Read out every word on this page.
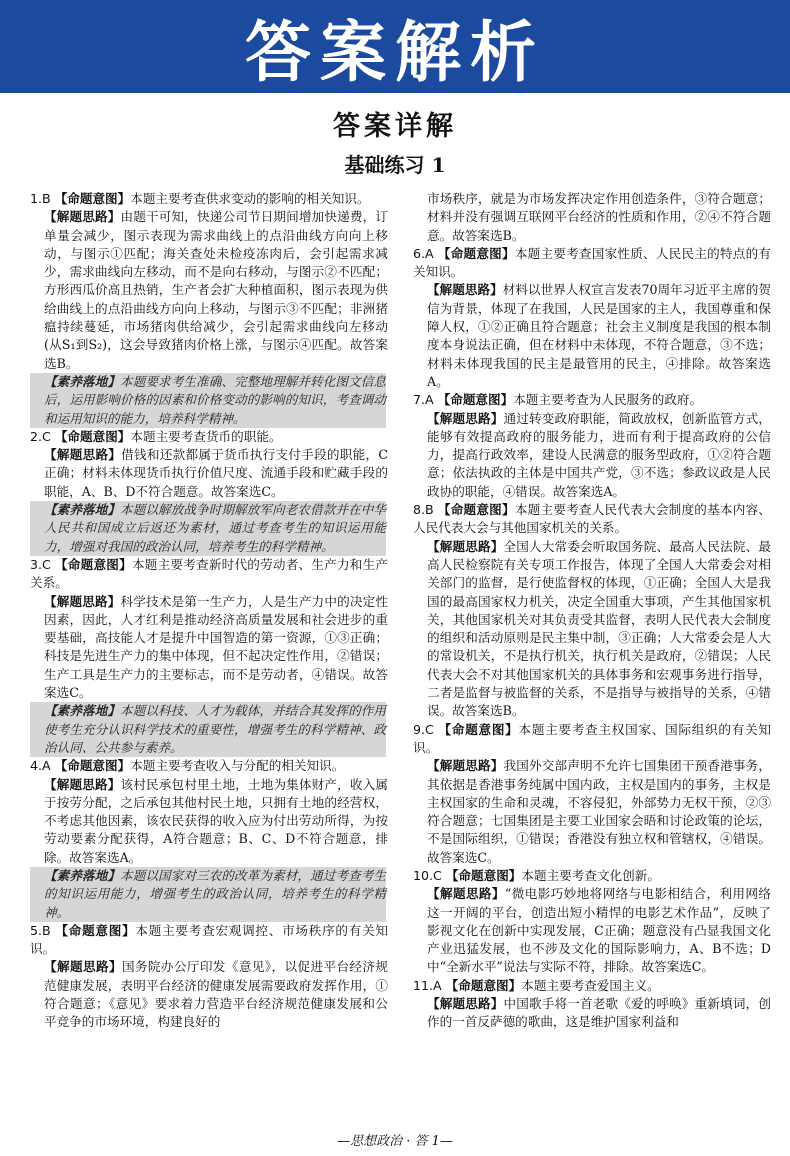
答案解析
答案详解
基础练习 1
1.B 【命题意图】本题主要考查供求变动的影响的相关知识。
【解题思路】由题干可知，快递公司节日期间增加快递费，订单量会减少，图示表现为需求曲线上的点沿曲线方向向上移动，与图示①匹配；海关查处未检疫冻肉后，会引起需求减少，需求曲线向左移动，而不是向右移动，与图示②不匹配；方形西瓜价高且热销，生产者会扩大种植面积，图示表现为供给曲线上的点沿曲线方向向上移动，与图示③不匹配；非洲猪瘟持续蔓延，市场猪肉供给减少，会引起需求曲线向左移动(从S₁到S₂)，这会导致猪肉价格上涨，与图示④匹配。故答案选B。
【素养落地】本题要求考生准确、完整地理解并转化图文信息后，运用影响价格的因素和价格变动的影响的知识，考查调动和运用知识的能力，培养科学精神。
2.C 【命题意图】本题主要考查货币的职能。
【解题思路】借钱和还款都属于货币执行支付手段的职能，C正确；材料未体现货币执行价值尺度、流通手段和贮藏手段的职能，A、B、D不符合题意。故答案选C。
【素养落地】本题以解放战争时期解放军向老农借款并在中华人民共和国成立后返还为素材，通过考查考生的知识运用能力，增强对我国的政治认同，培养考生的科学精神。
3.C 【命题意图】本题主要考查新时代的劳动者、生产力和生产关系。
【解题思路】科学技术是第一生产力，人是生产力中的决定性因素，因此，人才红利是推动经济高质量发展和社会进步的重要基础，高技能人才是提升中国智造的第一资源，①③正确；科技是先进生产力的集中体现，但不起决定性作用，②错误；生产工具是生产力的主要标志，而不是劳动者，④错误。故答案选C。
【素养落地】本题以科技、人才为载体，并结合其发挥的作用使考生充分认识科学技术的重要性，增强考生的科学精神、政治认同、公共参与素养。
4.A 【命题意图】本题主要考查收入与分配的相关知识。
【解题思路】该村民承包村里土地，土地为集体财产，收入属于按劳分配，之后承包其他村民土地，只拥有土地的经营权，不考虑其他因素，该农民获得的收入应为付出劳动所得，为按劳动要素分配获得，A符合题意；B、C、D不符合题意，排除。故答案选A。
【素养落地】本题以国家对三农的改革为素材，通过考查考生的知识运用能力，增强考生的政治认同，培养考生的科学精神。
5.B 【命题意图】本题主要考查宏观调控、市场秩序的有关知识。
【解题思路】国务院办公厅印发《意见》，以促进平台经济规范健康发展，表明平台经济的健康发展需要政府发挥作用，①符合题意；《意见》要求着力营造平台经济规范健康发展和公平竞争的市场环境，构建良好的
市场秩序，就是为市场发挥决定作用创造条件，③符合题意；材料并没有强调互联网平台经济的性质和作用，②④不符合题意。故答案选B。
6.A 【命题意图】本题主要考查国家性质、人民民主的特点的有关知识。
【解题思路】材料以世界人权宣言发表70周年习近平主席的贺信为背景，体现了在我国，人民是国家的主人，我国尊重和保障人权，①②正确且符合题意；社会主义制度是我国的根本制度本身说法正确，但在材料中未体现，不符合题意，③不选；材料未体现我国的民主是最管用的民主，④排除。故答案选A。
7.A 【命题意图】本题主要考查为人民服务的政府。
【解题思路】通过转变政府职能，简政放权，创新监管方式，能够有效提高政府的服务能力，进而有利于提高政府的公信力，提高行政效率，建设人民满意的服务型政府，①②符合题意；依法执政的主体是中国共产党，③不选；参政议政是人民政协的职能，④错误。故答案选A。
8.B 【命题意图】本题主要考查人民代表大会制度的基本内容、人民代表大会与其他国家机关的关系。
【解题思路】全国人大常委会听取国务院、最高人民法院、最高人民检察院有关专项工作报告，体现了全国人大常委会对相关部门的监督，是行使监督权的体现，①正确；全国人大是我国的最高国家权力机关，决定全国重大事项，产生其他国家机关，其他国家机关对其负责受其监督，表明人民代表大会制度的组织和活动原则是民主集中制，③正确；人大常委会是人大的常设机关，不是执行机关，执行机关是政府，②错误；人民代表大会不对其他国家机关的具体事务和宏观事务进行指导，二者是监督与被监督的关系，不是指导与被指导的关系，④错误。故答案选B。
9.C 【命题意图】本题主要考查主权国家、国际组织的有关知识。
【解题思路】我国外交部声明不允许七国集团干预香港事务，其依据是香港事务纯属中国内政，主权是国内的事务，主权是主权国家的生命和灵魂，不容侵犯，外部势力无权干预，②③符合题意；七国集团是主要工业国家会晤和讨论政策的论坛，不是国际组织，①错误；香港没有独立权和管辖权，④错误。故答案选C。
10.C 【命题意图】本题主要考查文化创新。
【解题思路】“微电影巧妙地将网络与电影相结合，利用网络这一开阔的平台，创造出短小精悍的电影艺术作品”，反映了影视文化在创新中实现发展，C正确；题意没有凸显我国文化产业迅猛发展，也不涉及文化的国际影响力，A、B不选；D中“全新水平”说法与实际不符，排除。故答案选C。
11.A 【命题意图】本题主要考查爱国主义。
【解题思路】中国歌手将一首老歌《爱的呼唤》重新填词，创作的一首反萨德的歌曲，这是维护国家利益和
—思想政治 · 答 1—
